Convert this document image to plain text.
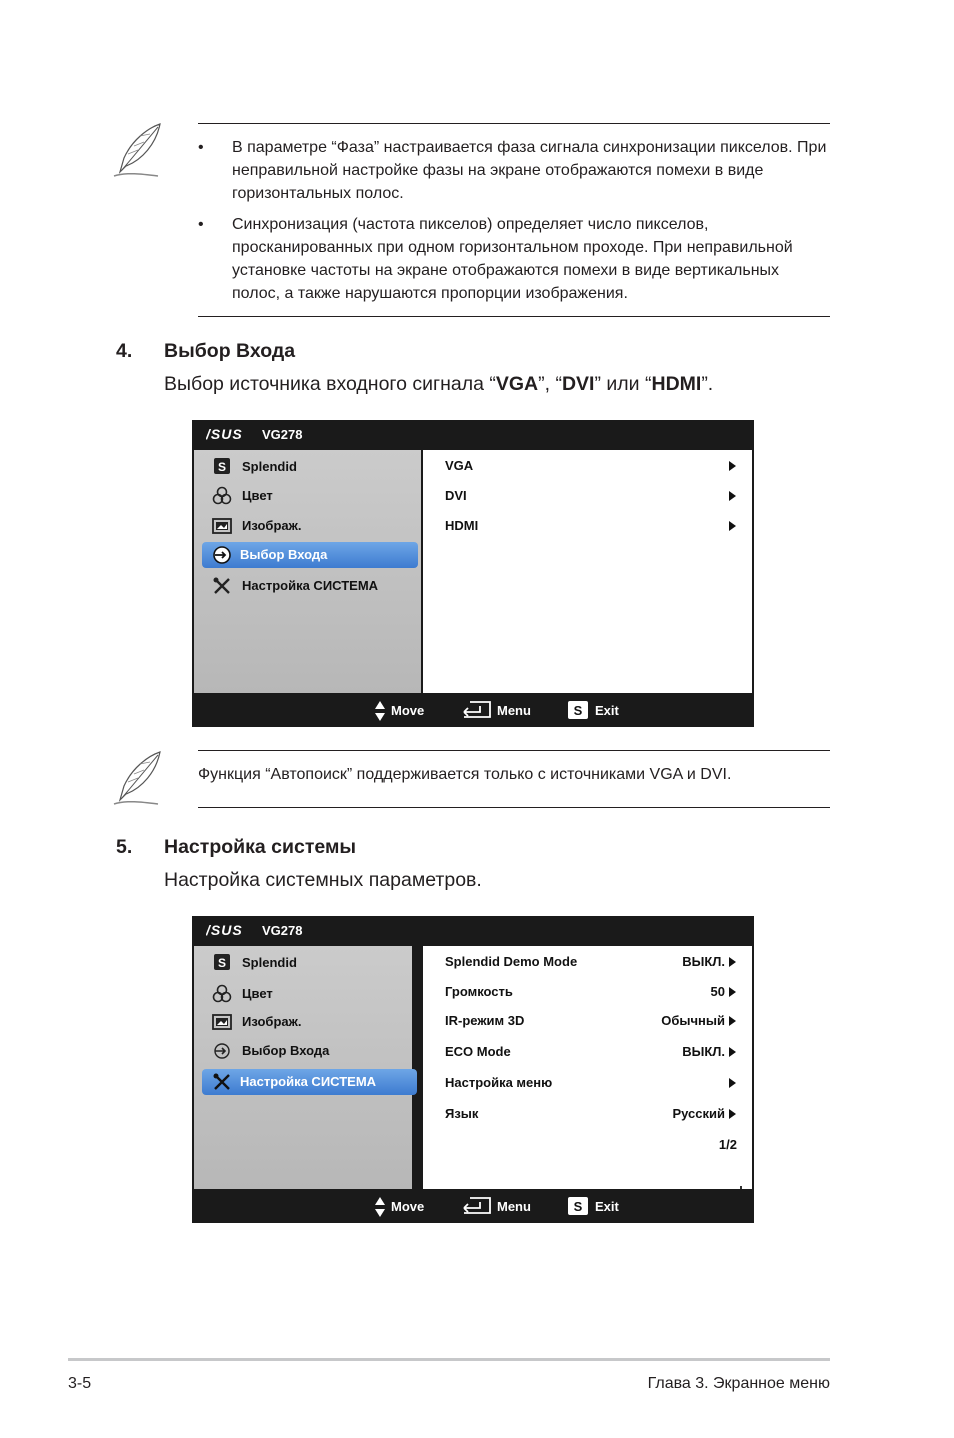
• В параметре “Фаза” настраивается фаза сигнала синхронизации пикселов. При неправильной настройке фазы на экране отображаются помехи в виде горизонтальных полос.
• Синхронизация (частота пикселов) определяет число пикселов, просканированных при одном горизонтальном проходе. При неправильной установке частоты на экране отображаются помехи в виде вертикальных полос, а также нарушаются пропорции изображения.
4. Выбор Входа
Выбор источника входного сигнала “VGA”, “DVI” или “HDMI”.
/SUS VG278
S Splendid
Цвет
Изображ.
Выбор Входа
Настройка СИСТЕМА
VGA
DVI
HDMI
Move	Menu	S Exit
Функция “Автопоиск” поддерживается только с источниками VGA и DVI.
5. Настройка системы
Настройка системных параметров.
/SUS VG278
S Splendid
Цвет
Изображ.
Выбор Входа
Настройка СИСТЕМА
Splendid Demo Mode	ВЫКЛ.
Громкость	50
IR-режим 3D	Обычный
ECO Mode	ВЫКЛ.
Настройка меню
Язык	Русский
1/2
Move	Menu	S Exit
3-5	Глава 3. Экранное меню
